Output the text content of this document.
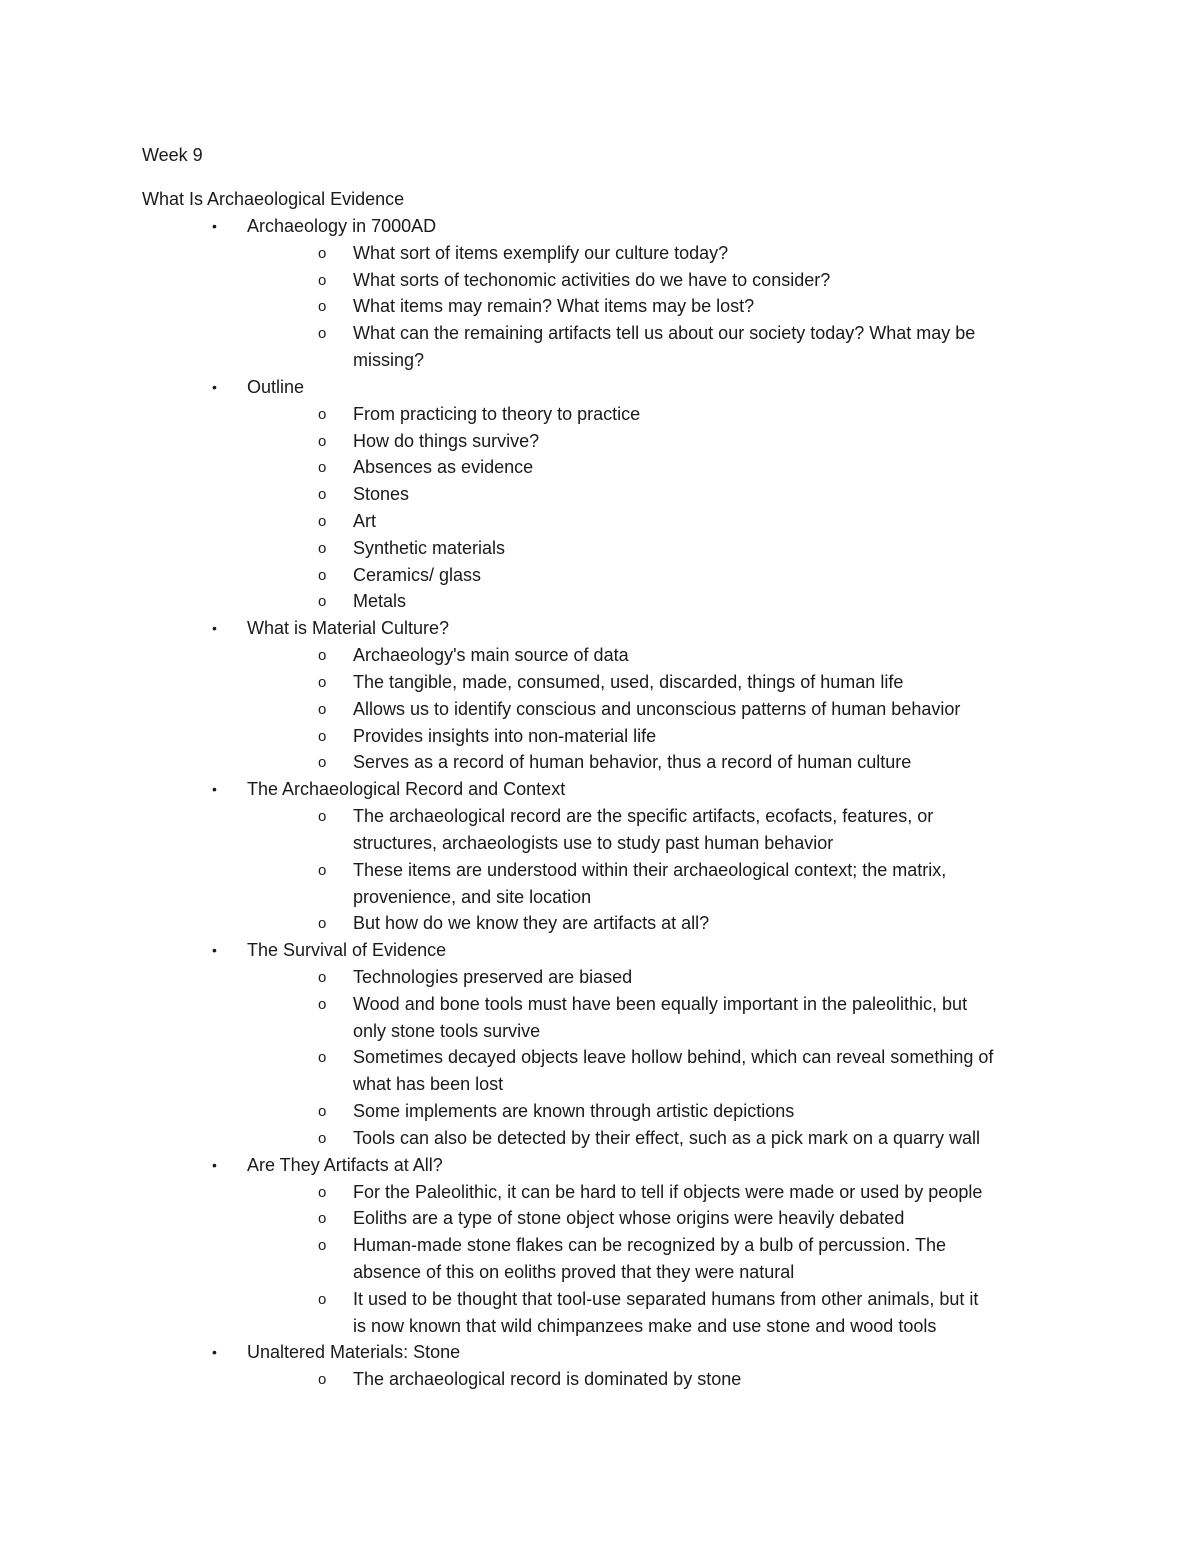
Week 9
What Is Archaeological Evidence
• Archaeology in 7000AD
o What sort of items exemplify our culture today?
o What sorts of techonomic activities do we have to consider?
o What items may remain? What items may be lost?
o What can the remaining artifacts tell us about our society today? What may be
missing?
• Outline
o From practicing to theory to practice
o How do things survive?
o Absences as evidence
o Stones
o Art
o Synthetic materials
o Ceramics/ glass
o Metals
• What is Material Culture?
o Archaeology's main source of data
o The tangible, made, consumed, used, discarded, things of human life
o Allows us to identify conscious and unconscious patterns of human behavior
o Provides insights into non-material life
o Serves as a record of human behavior, thus a record of human culture
• The Archaeological Record and Context
o The archaeological record are the specific artifacts, ecofacts, features, or
structures, archaeologists use to study past human behavior
o These items are understood within their archaeological context; the matrix,
provenience, and site location
o But how do we know they are artifacts at all?
• The Survival of Evidence
o Technologies preserved are biased
o Wood and bone tools must have been equally important in the paleolithic, but
only stone tools survive
o Sometimes decayed objects leave hollow behind, which can reveal something of
what has been lost
o Some implements are known through artistic depictions
o Tools can also be detected by their effect, such as a pick mark on a quarry wall
• Are They Artifacts at All?
o For the Paleolithic, it can be hard to tell if objects were made or used by people
o Eoliths are a type of stone object whose origins were heavily debated
o Human-made stone flakes can be recognized by a bulb of percussion. The
absence of this on eoliths proved that they were natural
o It used to be thought that tool-use separated humans from other animals, but it
is now known that wild chimpanzees make and use stone and wood tools
• Unaltered Materials: Stone
o The archaeological record is dominated by stone
